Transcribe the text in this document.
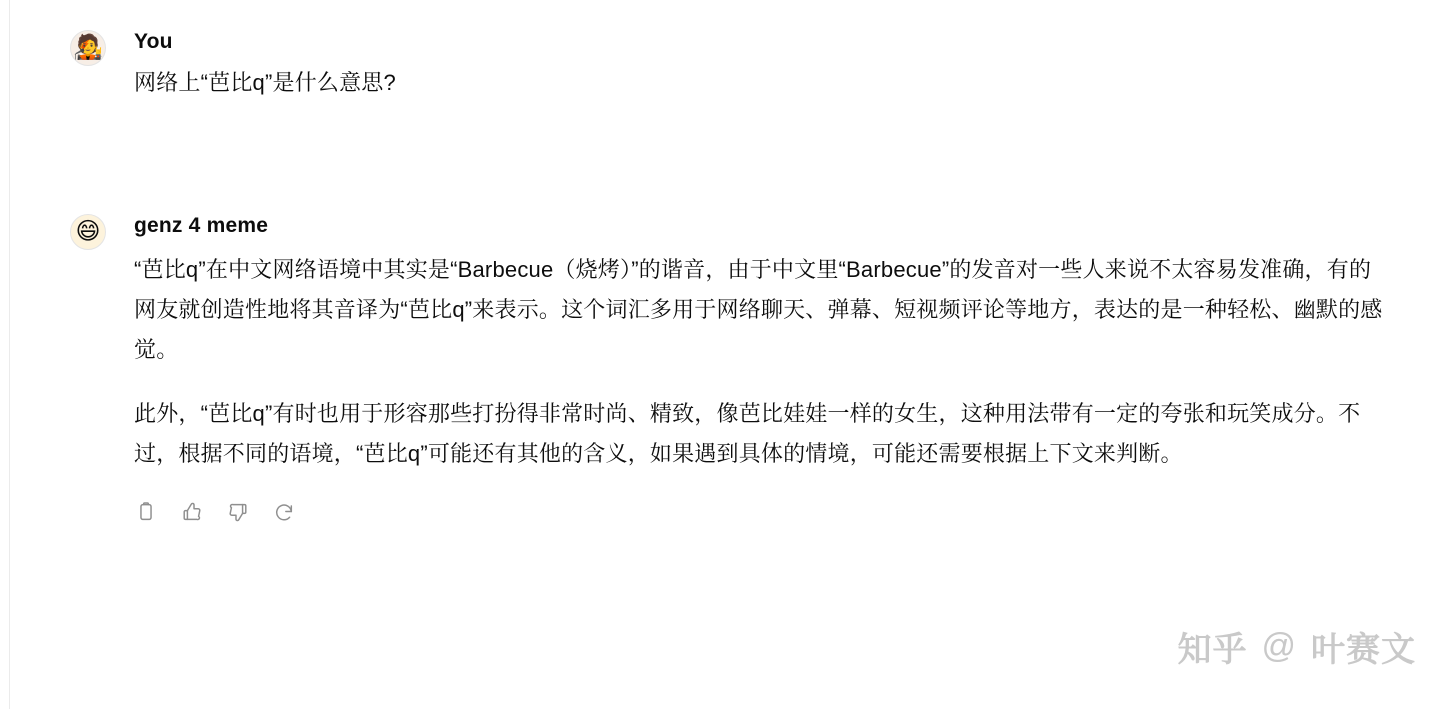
🧑‍🎤 You
网络上“芭比q”是什么意思?
😄 genz 4 meme
“芭比q”在中文网络语境中其实是“Barbecue（烧烤）”的谐音，由于中文里“Barbecue”的发音对一些人来说不太容易发准确，有的网友就创造性地将其音译为“芭比q”来表示。这个词汇多用于网络聊天、弹幕、短视频评论等地方，表达的是一种轻松、幽默的感觉。
此外，“芭比q”有时也用于形容那些打扮得非常时尚、精致，像芭比娃娃一样的女生，这种用法带有一定的夸张和玩笑成分。不过，根据不同的语境，“芭比q”可能还有其他的含义，如果遇到具体的情境，可能还需要根据上下文来判断。
知乎 @ 叶赛文
